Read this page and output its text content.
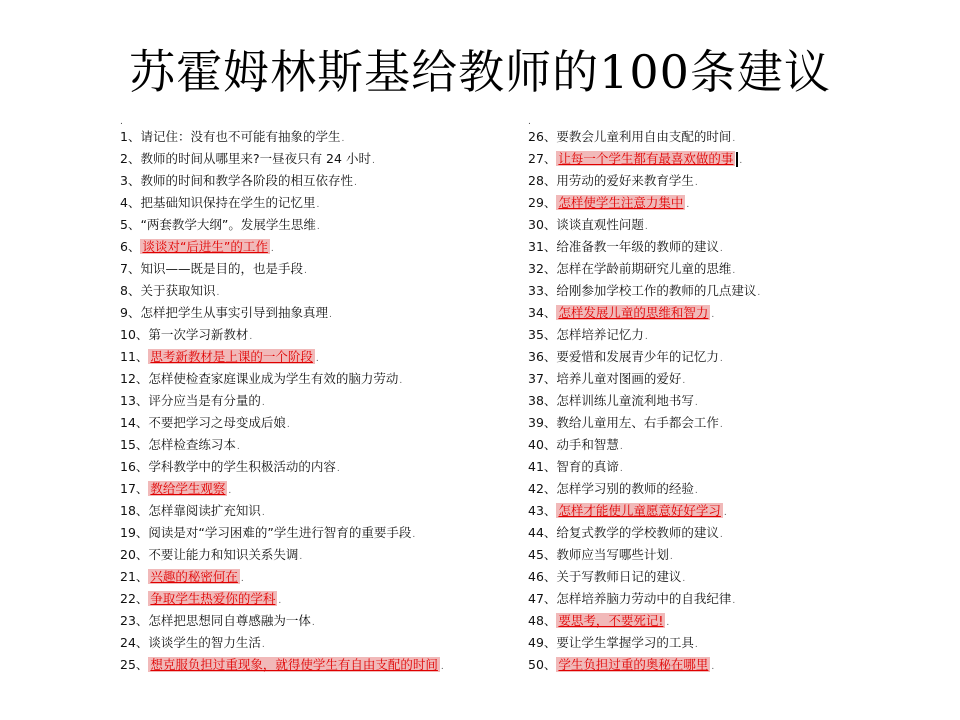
苏霍姆林斯基给教师的100条建议
.
1、请记住：没有也不可能有抽象的学生.
2、教师的时间从哪里来?一昼夜只有 24 小时.
3、教师的时间和教学各阶段的相互依存性.
4、把基础知识保持在学生的记忆里.
5、“两套教学大纲”。发展学生思维.
6、 谈谈对“后进生”的工作 .
7、知识——既是目的，也是手段.
8、关于获取知识.
9、怎样把学生从事实引导到抽象真理.
10、第一次学习新教材.
11、 思考新教材是上课的一个阶段 .
12、怎样使检查家庭课业成为学生有效的脑力劳动.
13、评分应当是有分量的.
14、不要把学习之母变成后娘.
15、怎样检查练习本.
16、学科教学中的学生积极活动的内容.
17、 教给学生观察 .
18、怎样靠阅读扩充知识.
19、阅读是对“学习困难的”学生进行智育的重要手段.
20、不要让能力和知识关系失调.
21、 兴趣的秘密何在 .
22、 争取学生热爱你的学科 .
23、怎样把思想同自尊感融为一体.
24、谈谈学生的智力生活.
25、 想克服负担过重现象，就得使学生有自由支配的时间 .
.
26、要教会儿童利用自由支配的时间.
27、 让每一个学生都有最喜欢做的事 .
28、用劳动的爱好来教育学生.
29、 怎样使学生注意力集中 .
30、谈谈直观性问题.
31、给准备教一年级的教师的建议.
32、怎样在学龄前期研究儿童的思维.
33、给刚参加学校工作的教师的几点建议.
34、 怎样发展儿童的思维和智力 .
35、怎样培养记忆力.
36、要爱惜和发展青少年的记忆力.
37、培养儿童对图画的爱好.
38、怎样训练儿童流利地书写.
39、教给儿童用左、右手都会工作.
40、动手和智慧.
41、智育的真谛.
42、怎样学习别的教师的经验.
43、 怎样才能使儿童愿意好好学习 .
44、给复式教学的学校教师的建议.
45、教师应当写哪些计划.
46、关于写教师日记的建议.
47、怎样培养脑力劳动中的自我纪律.
48、 要思考，不要死记! .
49、要让学生掌握学习的工具.
50、 学生负担过重的奥秘在哪里 .
